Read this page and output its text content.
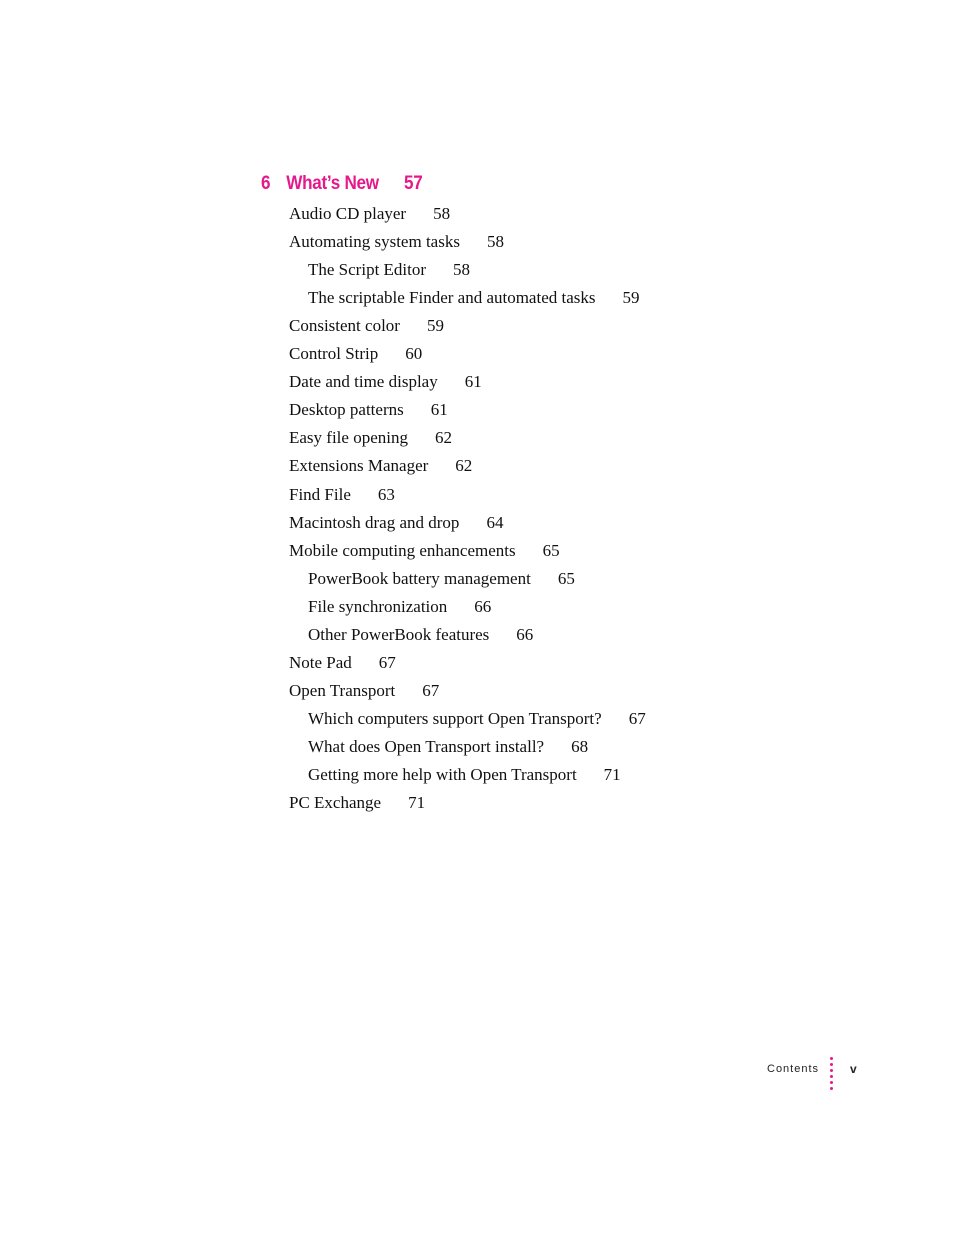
6 What’s New 57
Audio CD player 58
Automating system tasks 58
The Script Editor 58
The scriptable Finder and automated tasks 59
Consistent color 59
Control Strip 60
Date and time display 61
Desktop patterns 61
Easy file opening 62
Extensions Manager 62
Find File 63
Macintosh drag and drop 64
Mobile computing enhancements 65
PowerBook battery management 65
File synchronization 66
Other PowerBook features 66
Note Pad 67
Open Transport 67
Which computers support Open Transport? 67
What does Open Transport install? 68
Getting more help with Open Transport 71
PC Exchange 71
Contents	v
